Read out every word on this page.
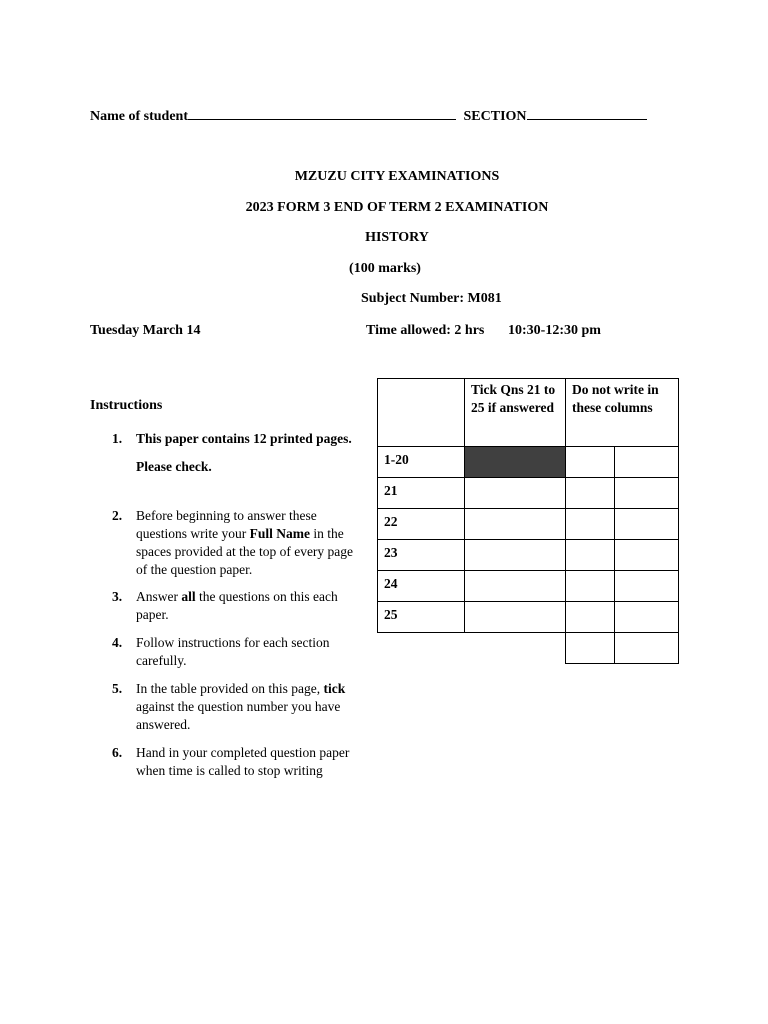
Name of student	SECTION
MZUZU CITY EXAMINATIONS
2023 FORM 3 END OF TERM 2 EXAMINATION
HISTORY
(100 marks)
Subject Number: M081
Tuesday March 14	Time allowed: 2 hrs 10:30-12:30 pm
Instructions
1. This paper contains 12 printed pages.
Please check.
2. Before beginning to answer these questions write your Full Name in the spaces provided at the top of every page of the question paper.
3. Answer all the questions on this each paper.
4. Follow instructions for each section carefully.
5. In the table provided on this page, tick against the question number you have answered.
6. Hand in your completed question paper when time is called to stop writing
	Tick Qns 21 to 25 if answered	Do not write in these columns	
1-20			
21			
22			
23			
24			
25			
